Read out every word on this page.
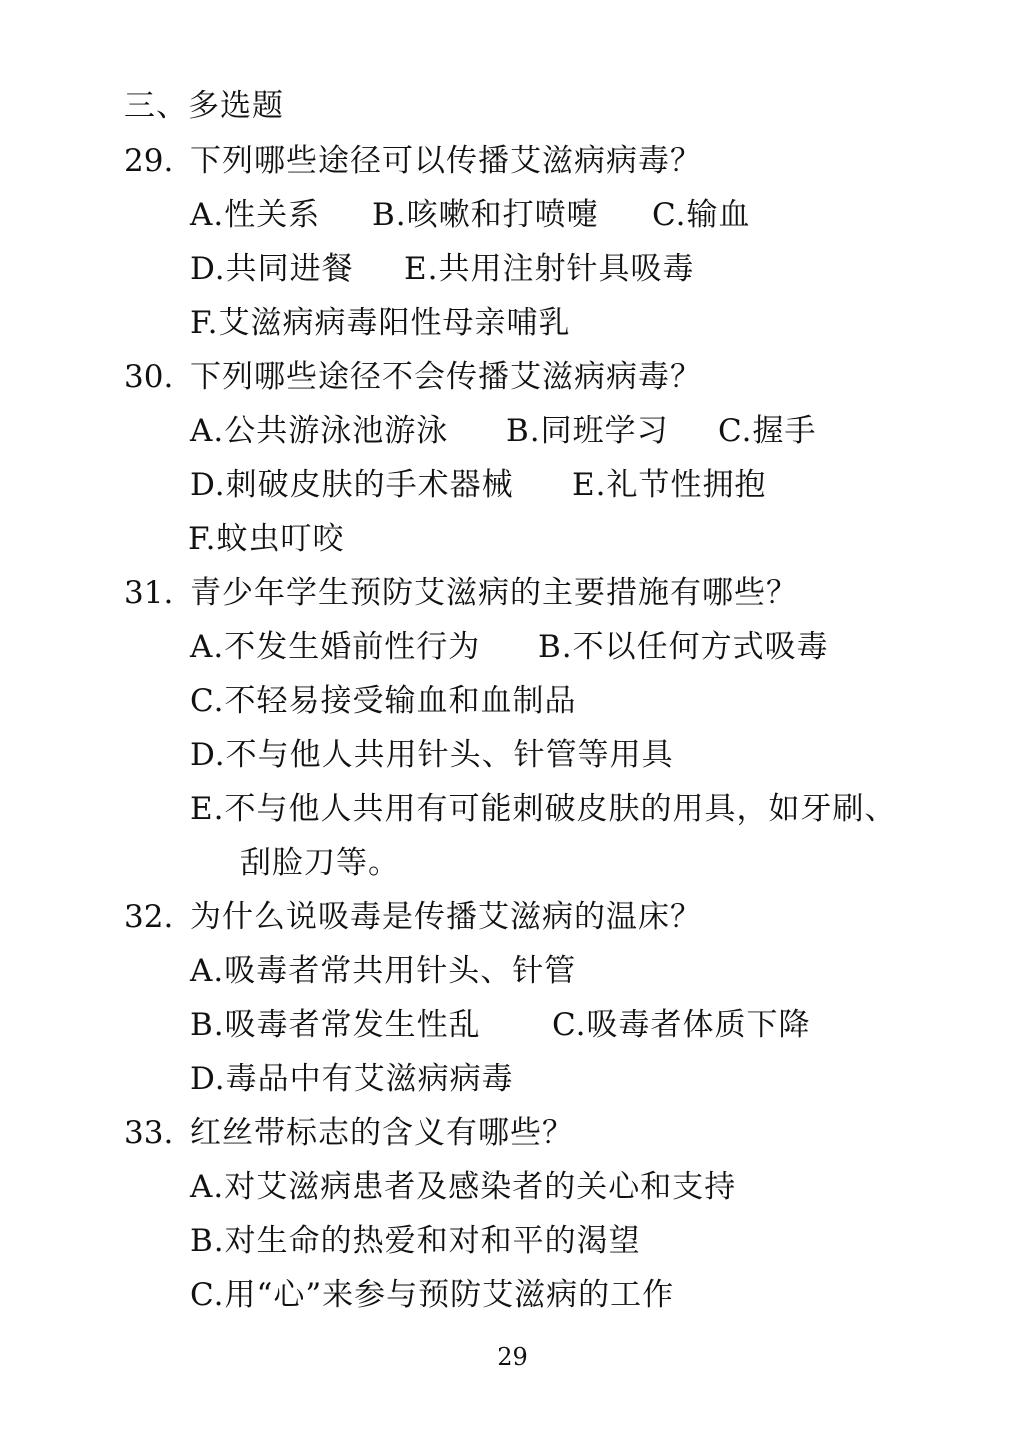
三、多选题
29. 下列哪些途径可以传播艾滋病病毒？
A.性关系 B.咳嗽和打喷嚏 C.输血
D.共同进餐 E.共用注射针具吸毒
F.艾滋病病毒阳性母亲哺乳
30. 下列哪些途径不会传播艾滋病病毒？
A.公共游泳池游泳 B.同班学习 C.握手
D.刺破皮肤的手术器械 E.礼节性拥抱
F.蚊虫叮咬
31. 青少年学生预防艾滋病的主要措施有哪些？
A.不发生婚前性行为 B.不以任何方式吸毒
C.不轻易接受输血和血制品
D.不与他人共用针头、针管等用具
E.不与他人共用有可能刺破皮肤的用具，如牙刷、
刮脸刀等。
32. 为什么说吸毒是传播艾滋病的温床？
A.吸毒者常共用针头、针管
B.吸毒者常发生性乱 C.吸毒者体质下降
D.毒品中有艾滋病病毒
33. 红丝带标志的含义有哪些？
A.对艾滋病患者及感染者的关心和支持
B.对生命的热爱和对和平的渴望
C.用“心”来参与预防艾滋病的工作
29
